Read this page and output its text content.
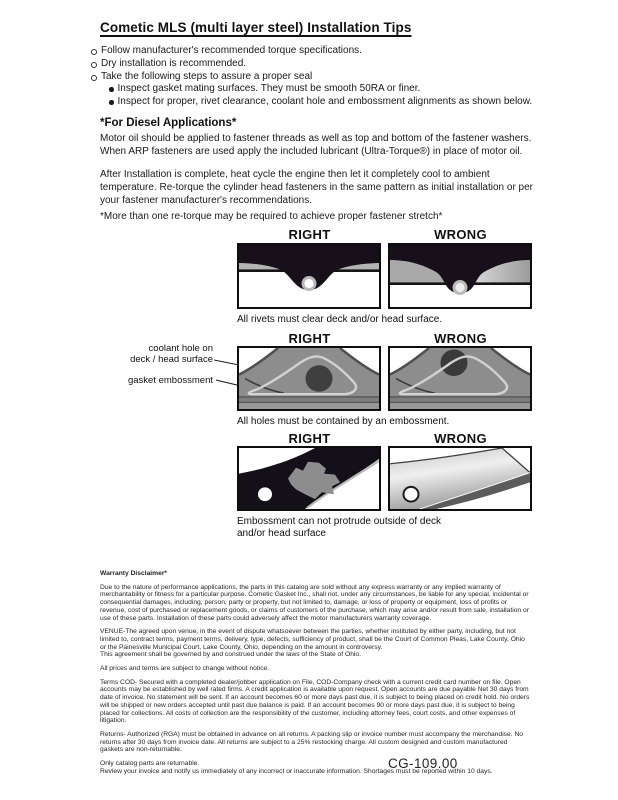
Cometic MLS (multi layer steel) Installation Tips
Follow manufacturer's recommended torque specifications.
Dry installation is recommended.
Take the following steps to assure a proper seal
Inspect gasket mating surfaces. They must be smooth 50RA or finer.
Inspect for proper, rivet clearance, coolant hole and embossment alignments as shown below.
*For Diesel Applications*
Motor oil should be applied to fastener threads as well as top and bottom of the fastener washers. When ARP fasteners are used apply the included lubricant (Ultra-Torque®) in place of motor oil.
After Installation is complete, heat cycle the engine then let it completely cool to ambient temperature. Re-torque the cylinder head fasteners in the same pattern as initial installation or per your fastener manufacturer's recommendations.
*More than one re-torque may be required to achieve proper fastener stretch*
RIGHT	WRONG
All rivets must clear deck and/or head surface.
RIGHT	WRONG
coolant hole on
deck / head surface
gasket embossment
All holes must be contained by an embossment.
RIGHT	WRONG
Embossment can not protrude outside of deck
and/or head surface

Warranty Disclaimer*

Due to the nature of performance applications, the parts in this catalog are sold without any express warranty or any implied warranty of merchantability or fitness for a particular purpose. Cometic Gasket Inc., shall not, under any circumstances, be liable for any special, incidental or consequential damages, including, person, party or property, but not limited to, damage, or loss of property or equipment, loss of profits or revenue, cost of purchased or replacement goods, or claims of customers of the purchase, which may arise and/or result from sale, installation or use of these parts. Installation of these parts could adversely affect the motor manufacturers warranty coverage.

VENUE-The agreed upon venue, in the event of dispute whatsoever between the parties, whether instituted by either party, including, but not limited to, contract terms, payment terms, delivery, type, defects, sufficiency of product, shall be the Court of Common Pleas, Lake County, Ohio or the Painesville Municipal Court, Lake County, Ohio, depending on the amount in controversy.
This agreement shall be governed by and construed under the laws of the State of Ohio.

All prices and terms are subject to change without notice.

Terms COD- Secured with a completed dealer/jobber application on File, COD-Company check with a current credit card number on file. Open accounts may be established by well rated firms. A credit application is available upon request. Open accounts are due payable Net 30 days from date of invoice. No statement will be sent. If an account becomes 60 or more days past due, it is subject to being placed on credit hold. No orders will be shipped or new orders accepted until past due balance is paid. If an account becomes 90 or more days past due, it is subject to being placed for collections. All costs of collection are the responsibility of the customer, including attorney fees, court costs, and other expenses of litigation.

Returns- Authorized (RGA) must be obtained in advance on all returns. A packing slip or invoice number must accompany the merchandise. No returns after 30 days from invoice date. All returns are subject to a 25% restocking charge. All custom designed and custom manufactured gaskets are non-returnable.

Only catalog parts are returnable.
Review your invoice and notify us immediately of any incorrect or inaccurate information. Shortages must be reported within 10 days.

CG-109.00
